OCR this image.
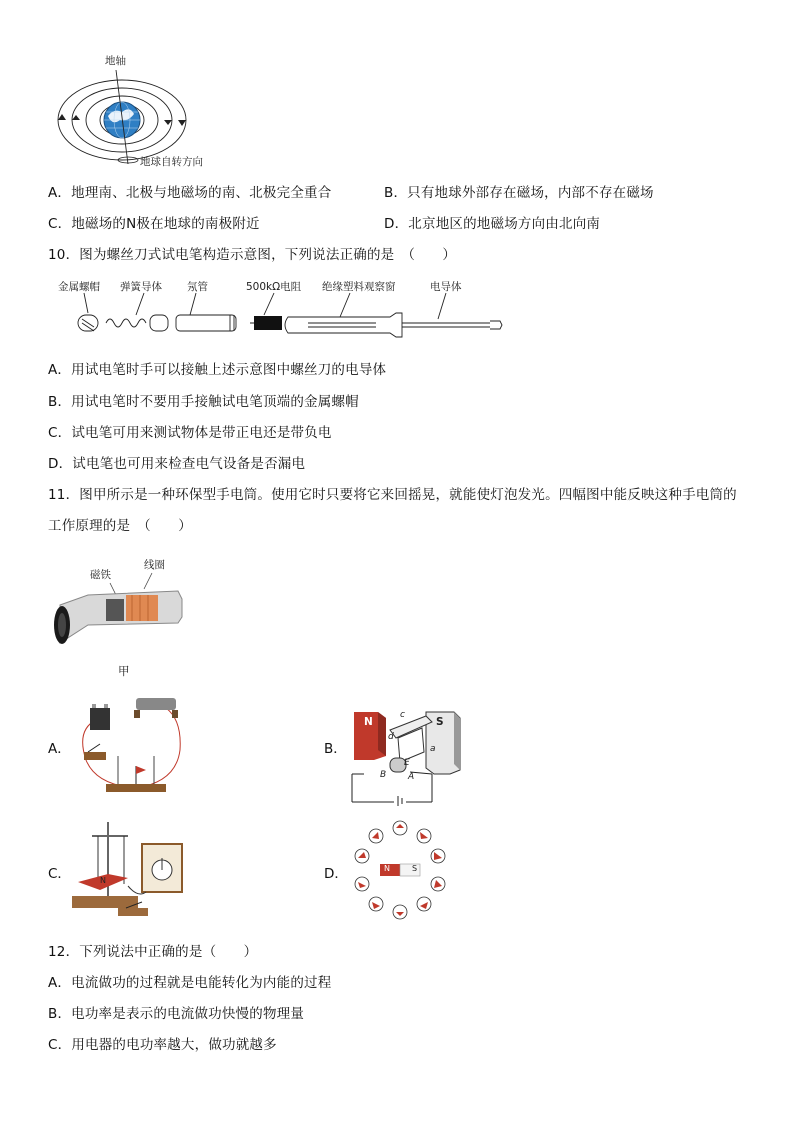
地轴
地球自转方向
A．地理南、北极与地磁场的南、北极完全重合	B．只有地球外部存在磁场，内部不存在磁场
C．地磁场的N极在地球的南极附近	D．北京地区的地磁场方向由北向南
10．图为螺丝刀式试电笔构造示意图，下列说法正确的是　（　　）
金属螺帽 弹簧导体 氖管	500kΩ电阻 绝缘塑料观察窗	电导体
A．用试电笔时手可以接触上述示意图中螺丝刀的电导体
B．用试电笔时不要用手接触试电笔顶端的金属螺帽
C．试电笔可用来测试物体是带正电还是带负电
D．试电笔也可用来检查电气设备是否漏电
11．图甲所示是一种环保型手电筒。使用它时只要将它来回摇晃，就能使灯泡发光。四幅图中能反映这种手电筒的
工作原理的是　（　　）
磁铁
线圈
甲
A．	B．
N	S
c
d
a
B A
E
C．	N	D．	N	S
12．下列说法中正确的是（　　）
A．电流做功的过程就是电能转化为内能的过程
B．电功率是表示的电流做功快慢的物理量
C．用电器的电功率越大，做功就越多
